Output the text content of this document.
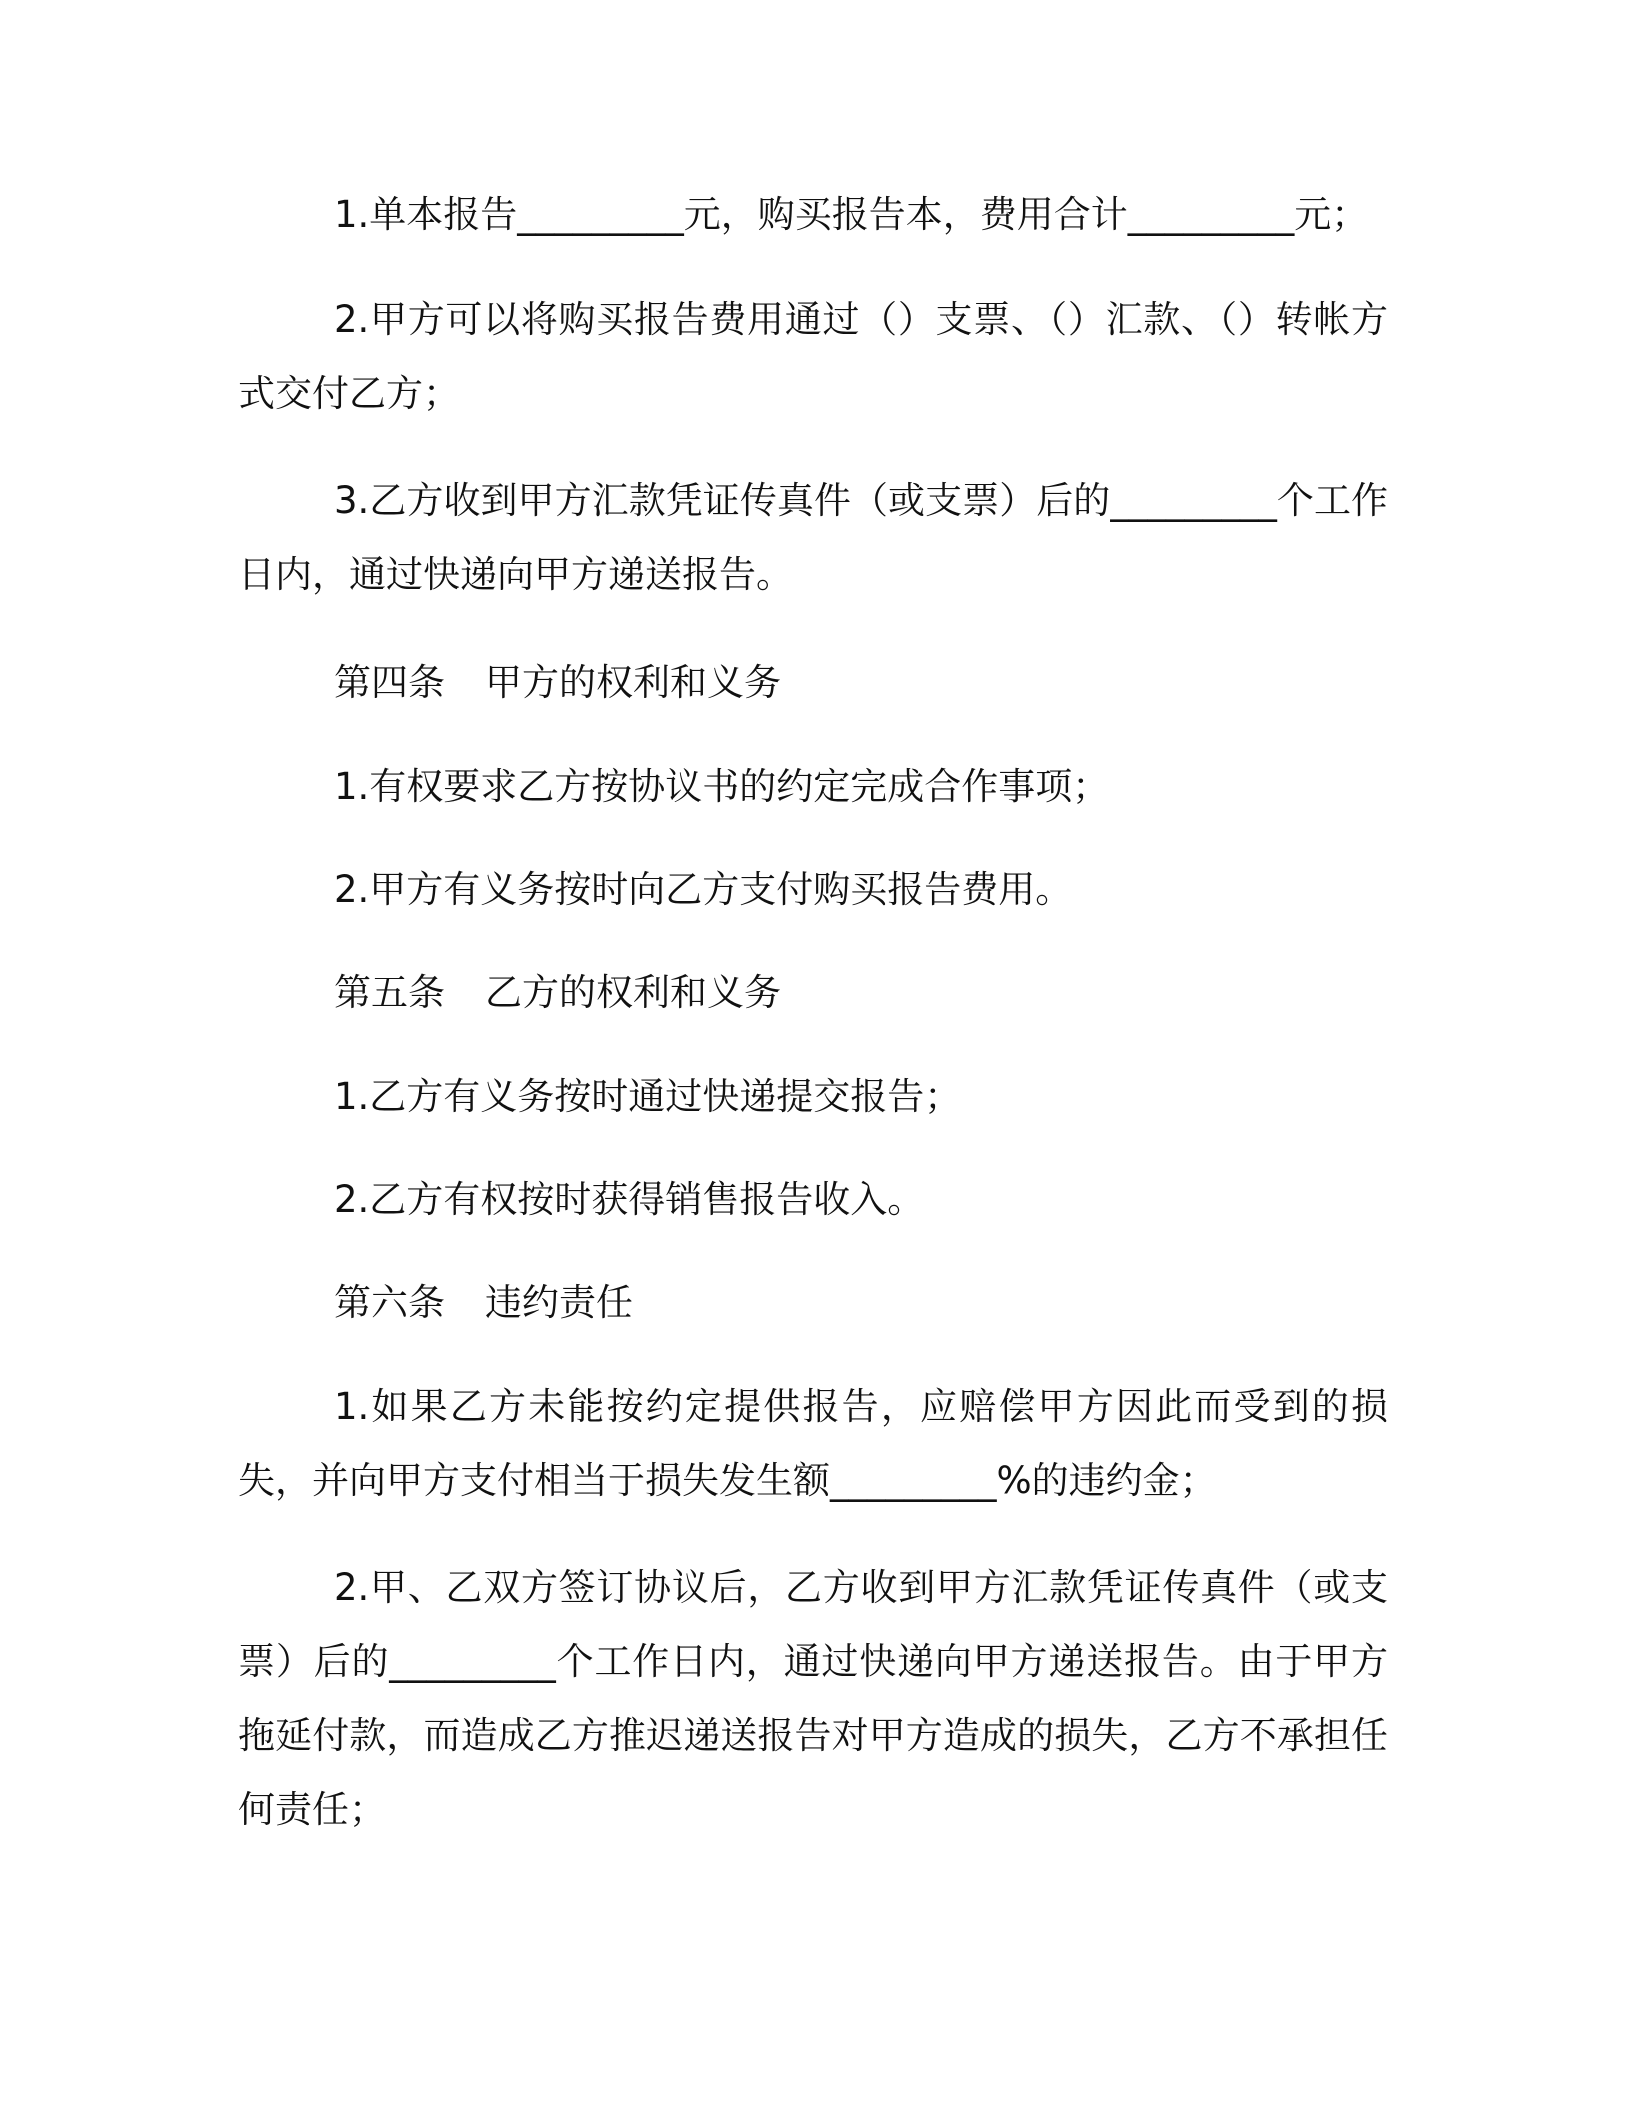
1.单本报告_________元，购买报告本，费用合计_________元；

2.甲方可以将购买报告费用通过（）支票、（）汇款、（）转帐方式交付乙方；

3.乙方收到甲方汇款凭证传真件（或支票）后的_________个工作日内，通过快递向甲方递送报告。

第四条 甲方的权利和义务

1.有权要求乙方按协议书的约定完成合作事项；

2.甲方有义务按时向乙方支付购买报告费用。

第五条 乙方的权利和义务

1.乙方有义务按时通过快递提交报告；

2.乙方有权按时获得销售报告收入。

第六条 违约责任

1.如果乙方未能按约定提供报告，应赔偿甲方因此而受到的损失，并向甲方支付相当于损失发生额_________%的违约金；

2.甲、乙双方签订协议后，乙方收到甲方汇款凭证传真件（或支票）后的_________个工作日内，通过快递向甲方递送报告。由于甲方拖延付款，而造成乙方推迟递送报告对甲方造成的损失，乙方不承担任何责任；
